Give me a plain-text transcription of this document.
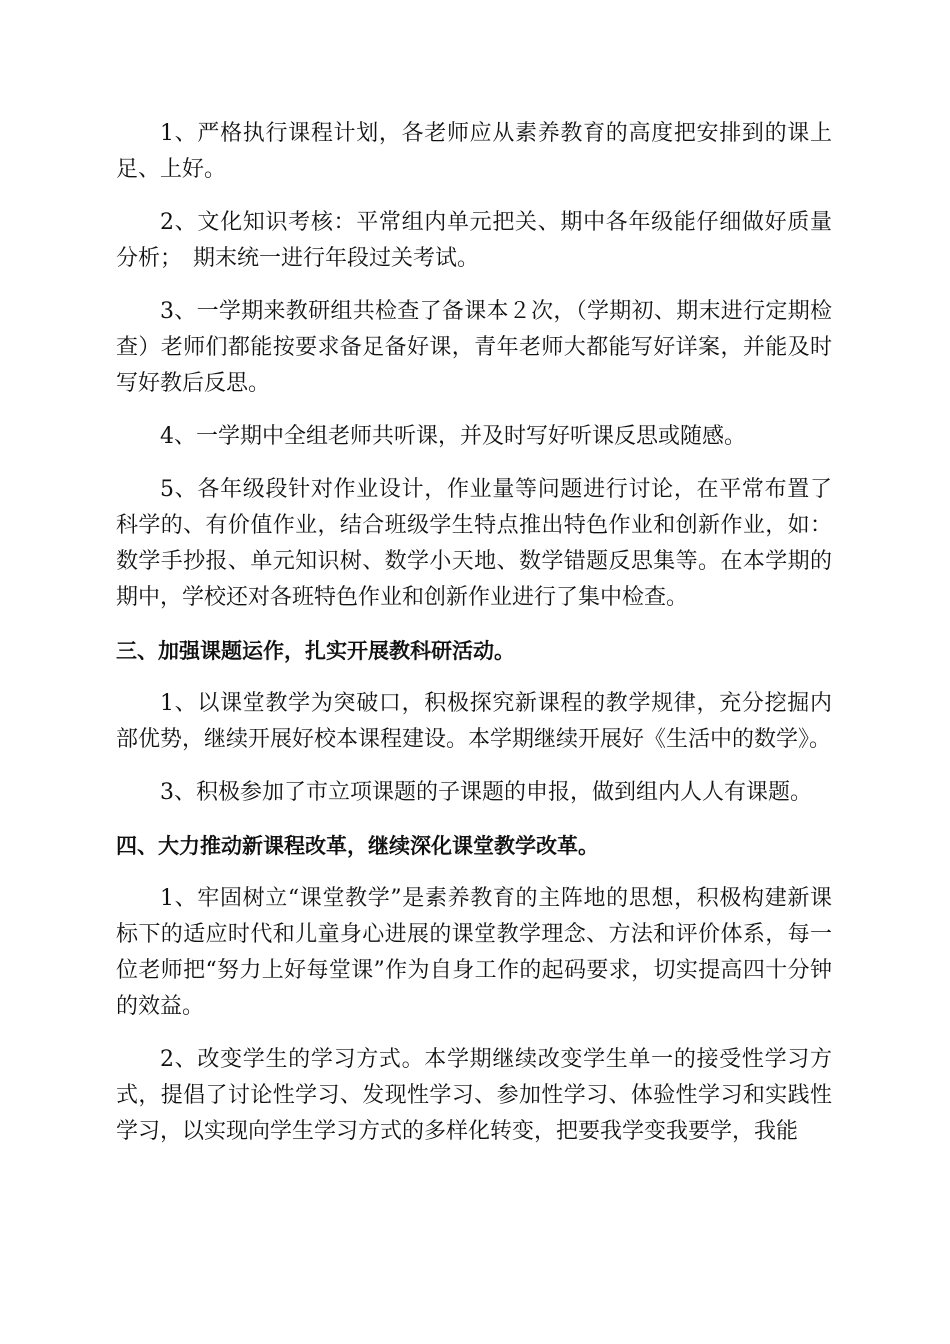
1、严格执行课程计划，各老师应从素养教育的高度把安排到的课上足、上好。

2、文化知识考核：平常组内单元把关、期中各年级能仔细做好质量分析；　期末统一进行年段过关考试。

3、一学期来教研组共检查了备课本２次，（学期初、期末进行定期检查）老师们都能按要求备足备好课，青年老师大都能写好详案，并能及时写好教后反思。

4、一学期中全组老师共听课，并及时写好听课反思或随感。

5、各年级段针对作业设计，作业量等问题进行讨论，在平常布置了科学的、有价值作业，结合班级学生特点推出特色作业和创新作业，如：数学手抄报、单元知识树、数学小天地、数学错题反思集等。在本学期的期中，学校还对各班特色作业和创新作业进行了集中检查。

三、加强课题运作，扎实开展教科研活动。

1、以课堂教学为突破口，积极探究新课程的教学规律，充分挖掘内部优势，继续开展好校本课程建设。本学期继续开展好《生活中的数学》。

3、积极参加了市立项课题的子课题的申报，做到组内人人有课题。

四、大力推动新课程改革，继续深化课堂教学改革。

1、牢固树立“课堂教学”是素养教育的主阵地的思想，积极构建新课标下的适应时代和儿童身心进展的课堂教学理念、方法和评价体系，每一位老师把“努力上好每堂课”作为自身工作的起码要求，切实提高四十分钟的效益。

2、改变学生的学习方式。本学期继续改变学生单一的接受性学习方式，提倡了讨论性学习、发现性学习、参加性学习、体验性学习和实践性学习，以实现向学生学习方式的多样化转变，把要我学变我要学，我能
